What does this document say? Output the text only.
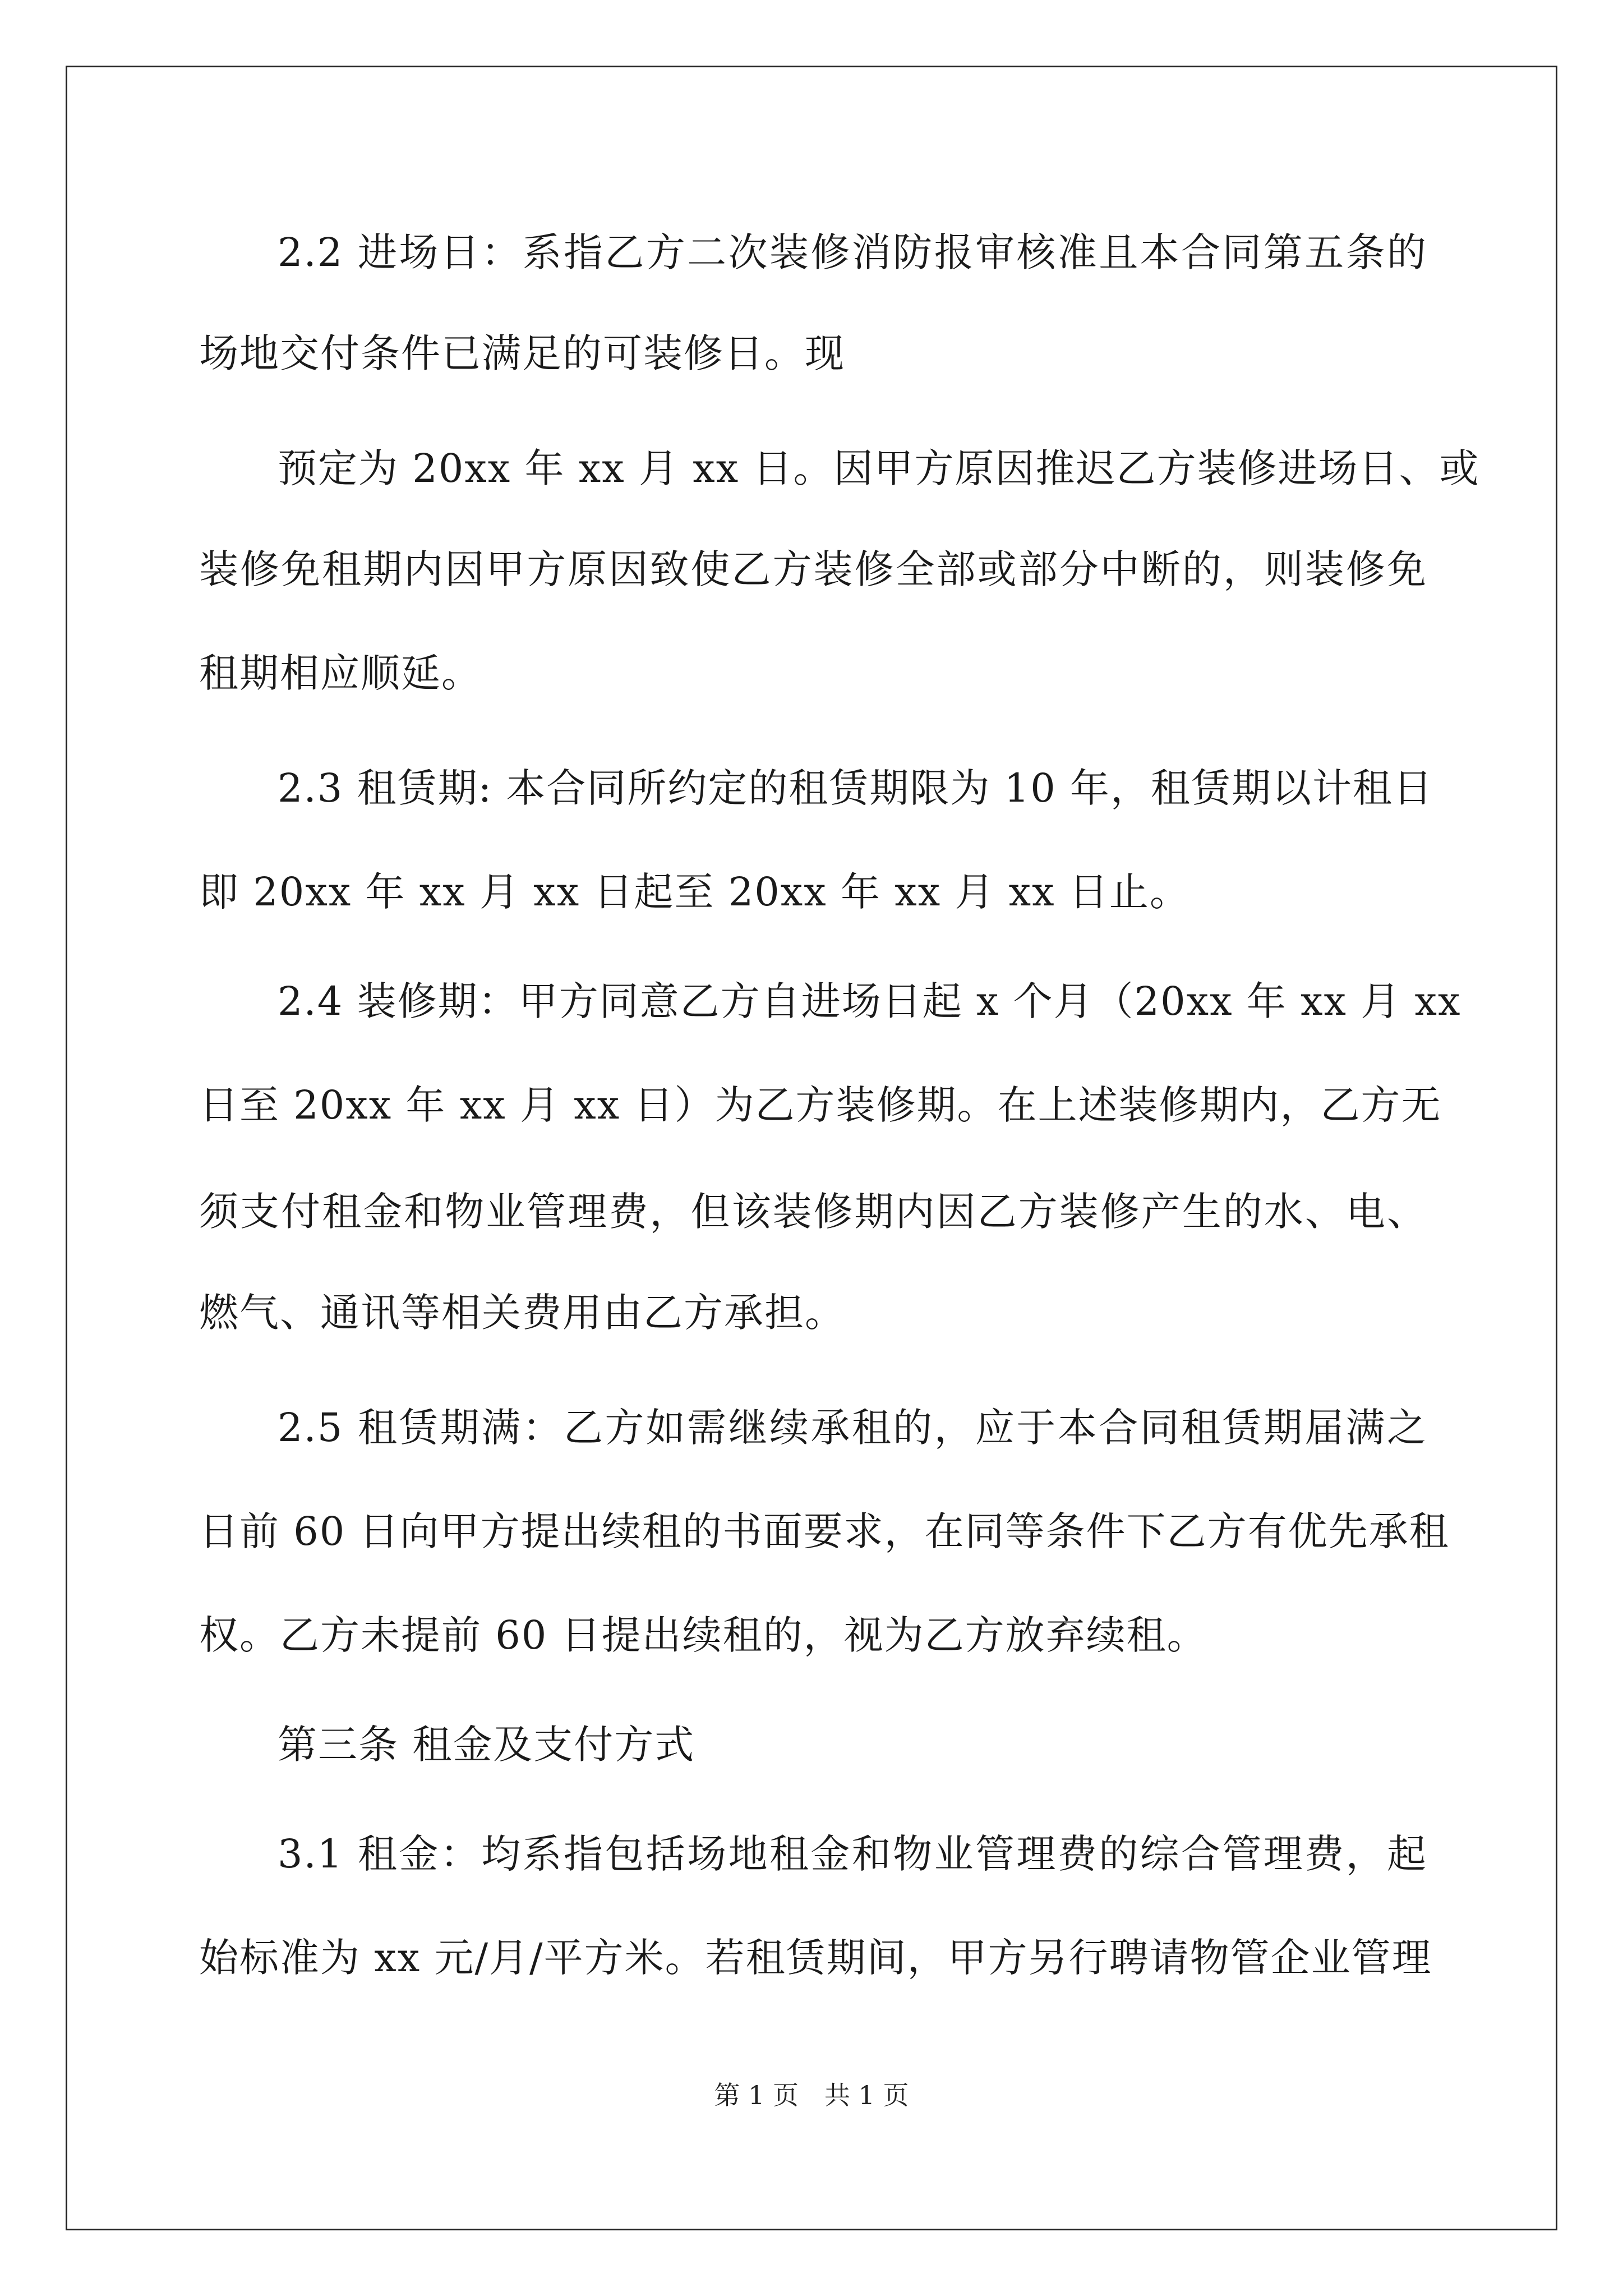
2.2 进场日：系指乙方二次装修消防报审核准且本合同第五条的
场地交付条件已满足的可装修日。现
预定为 20xx 年 xx 月 xx 日。因甲方原因推迟乙方装修进场日、或
装修免租期内因甲方原因致使乙方装修全部或部分中断的，则装修免
租期相应顺延。
2.3 租赁期: 本合同所约定的租赁期限为 10 年，租赁期以计租日
即 20xx 年 xx 月 xx 日起至 20xx 年 xx 月 xx 日止。
2.4 装修期：甲方同意乙方自进场日起 x 个月（20xx 年 xx 月 xx
日至 20xx 年 xx 月 xx 日）为乙方装修期。在上述装修期内，乙方无
须支付租金和物业管理费，但该装修期内因乙方装修产生的水、电、
燃气、通讯等相关费用由乙方承担。
2.5 租赁期满：乙方如需继续承租的，应于本合同租赁期届满之
日前 60 日向甲方提出续租的书面要求，在同等条件下乙方有优先承租
权。乙方未提前 60 日提出续租的，视为乙方放弃续租。
第三条 租金及支付方式
3.1 租金：均系指包括场地租金和物业管理费的综合管理费，起
始标准为 xx 元/月/平方米。若租赁期间，甲方另行聘请物管企业管理
第 1 页　共 1 页
